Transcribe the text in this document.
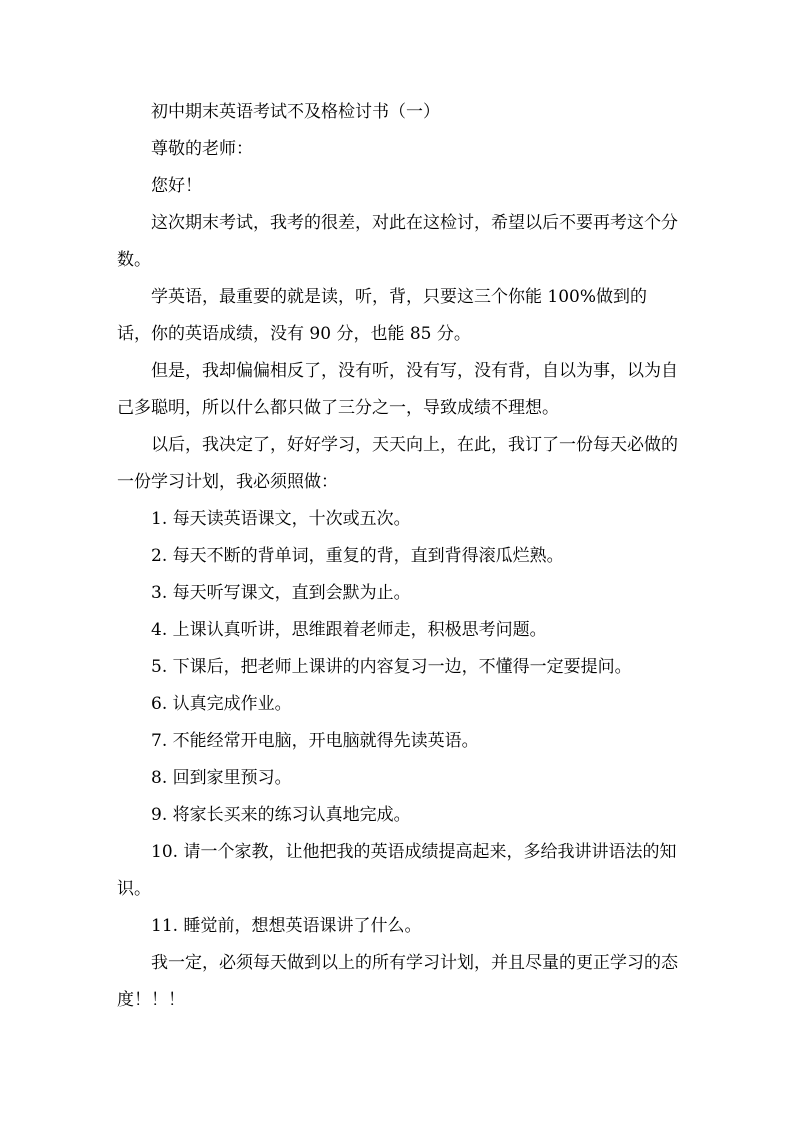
初中期末英语考试不及格检讨书（一）

尊敬的老师：

您好！

这次期末考试，我考的很差，对此在这检讨，希望以后不要再考这个分数。

学英语，最重要的就是读，听，背，只要这三个你能 100%做到的话，你的英语成绩，没有 90 分，也能 85 分。

但是，我却偏偏相反了，没有听，没有写，没有背，自以为事，以为自己多聪明，所以什么都只做了三分之一，导致成绩不理想。

以后，我决定了，好好学习，天天向上，在此，我订了一份每天必做的一份学习计划，我必须照做：

1. 每天读英语课文，十次或五次。

2. 每天不断的背单词，重复的背，直到背得滚瓜烂熟。

3. 每天听写课文，直到会默为止。

4. 上课认真听讲，思维跟着老师走，积极思考问题。

5. 下课后，把老师上课讲的内容复习一边，不懂得一定要提问。

6. 认真完成作业。

7. 不能经常开电脑，开电脑就得先读英语。

8. 回到家里预习。

9. 将家长买来的练习认真地完成。

10. 请一个家教，让他把我的英语成绩提高起来，多给我讲讲语法的知识。

11. 睡觉前，想想英语课讲了什么。

我一定，必须每天做到以上的所有学习计划，并且尽量的更正学习的态度！！！
